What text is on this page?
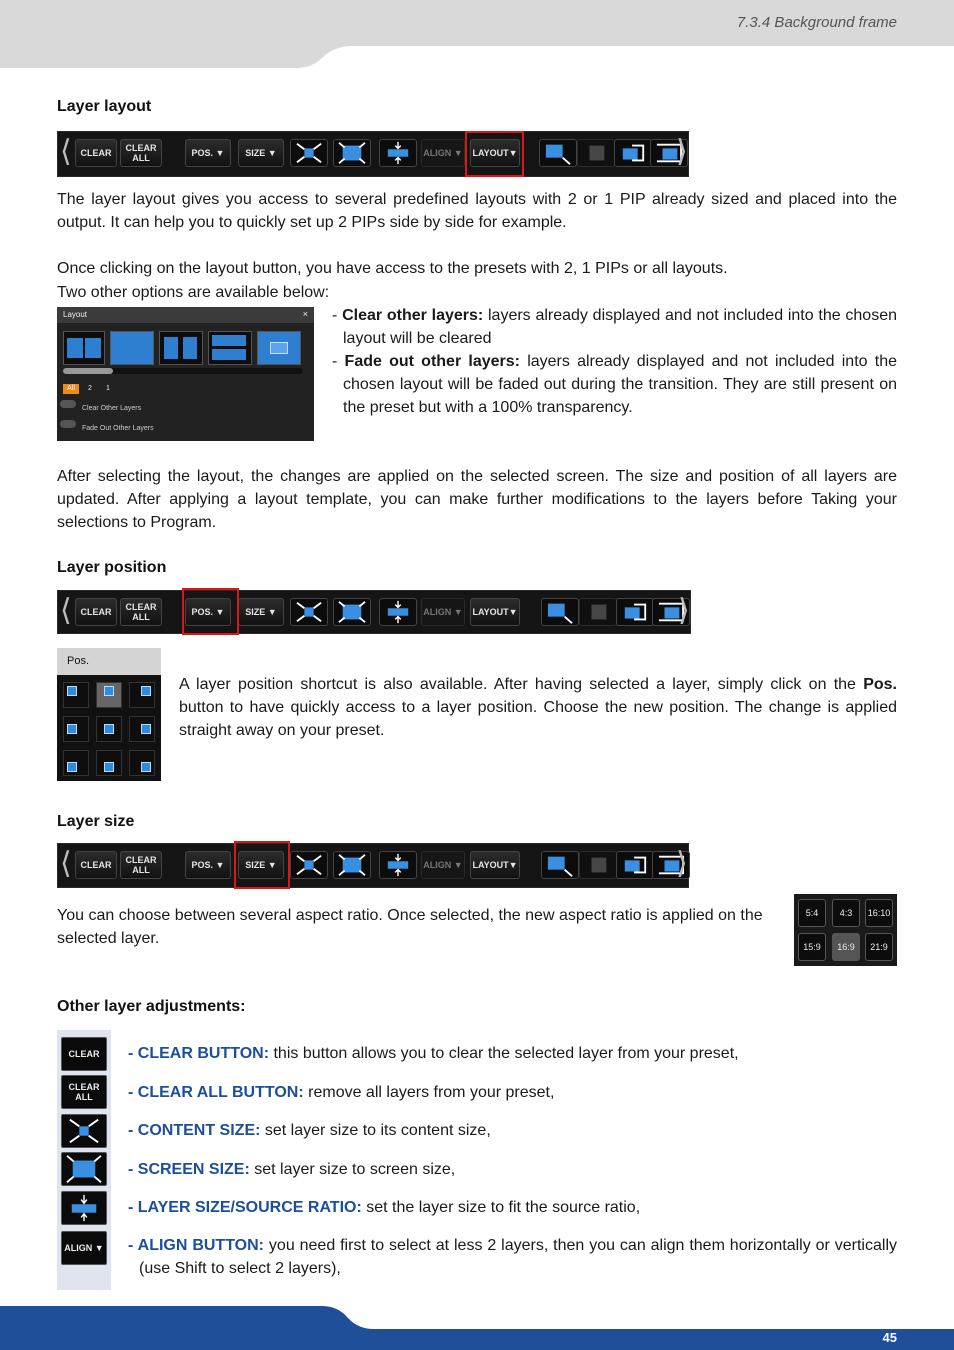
7.3.4 Background frame
Layer layout
⟨ CLEAR	CLEAR ALL	POS. ▼	SIZE ▼	ALIGN ▼ LAYOUT ▼	⟩
The layer layout gives you access to several predefined layouts with 2 or 1 PIP already sized and placed into the output. It can help you to quickly set up 2 PIPs side by side for example.
Once clicking on the layout button, you have access to the presets with 2, 1 PIPs or all layouts.
Two other options are available below:
Layout	×
All	2 1
Clear Other Layers
Fade Out Other Layers
- Clear other layers: layers already displayed and not included into the chosen layout will be cleared
- Fade out other layers: layers already displayed and not included into the chosen layout will be faded out during the transition. They are still present on the preset but with a 100% transparency.
After selecting the layout, the changes are applied on the selected screen. The size and position of all layers are updated. After applying a layout template, you can make further modifications to the layers before Taking your selections to Program.
Layer position
⟨ CLEAR	CLEAR ALL	POS. ▼	SIZE ▼	ALIGN ▼ LAYOUT ▼	⟩
Pos.
A layer position shortcut is also available. After having selected a layer, simply click on the Pos. button to have quickly access to a layer position. Choose the new position. The change is applied straight away on your preset.
Layer size
⟨ CLEAR	CLEAR ALL	POS. ▼	SIZE ▼	ALIGN ▼ LAYOUT ▼	⟩
You can choose between several aspect ratio. Once selected, the new aspect ratio is applied on the selected layer.
5:4	4:3	16:10
15:9	16:9	21:9
Other layer adjustments:
CLEAR
CLEAR ALL
ALIGN ▼
- CLEAR BUTTON: this button allows you to clear the selected layer from your preset,
- CLEAR ALL BUTTON: remove all layers from your preset,
- CONTENT SIZE: set layer size to its content size,
- SCREEN SIZE: set layer size to screen size,
- LAYER SIZE/SOURCE RATIO: set the layer size to fit the source ratio,
- ALIGN BUTTON: you need first to select at less 2 layers, then you can align them horizontally or vertically (use Shift to select 2 layers),
45
